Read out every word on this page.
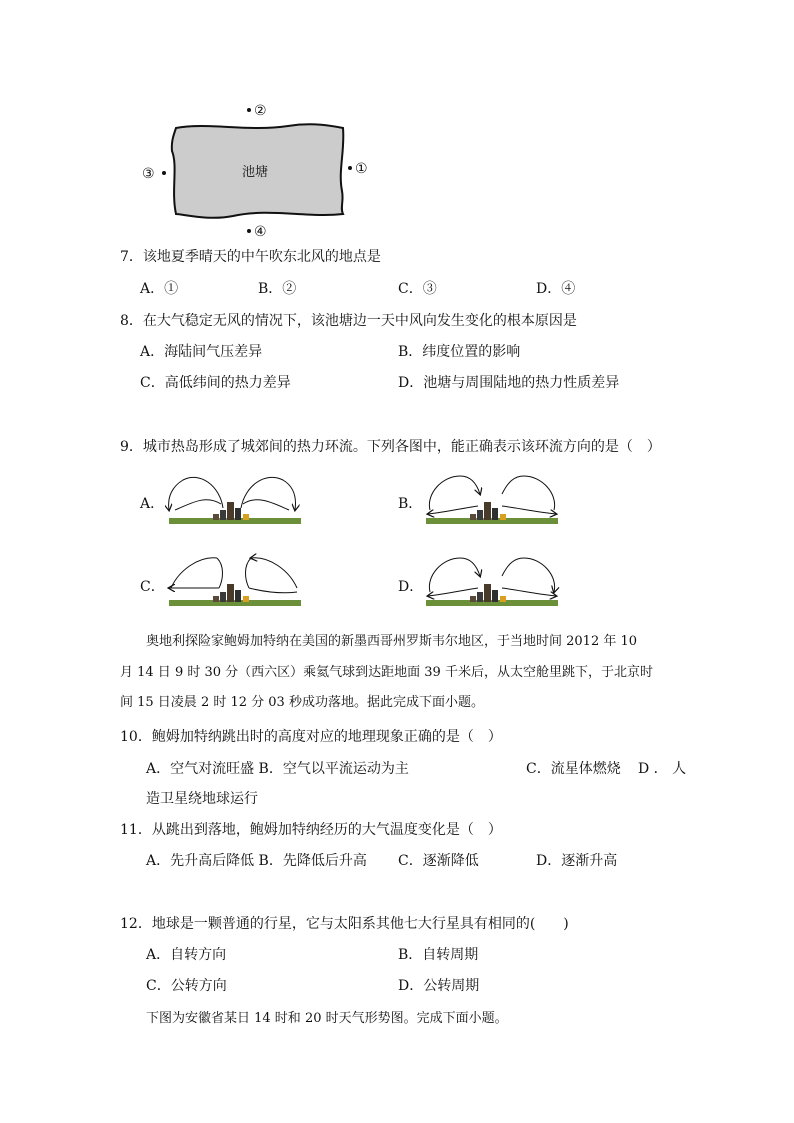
池塘
②
①
③
④
7．该地夏季晴天的中午吹东北风的地点是
A．①	B．②	C．③	D．④
8．在大气稳定无风的情况下，该池塘边一天中风向发生变化的根本原因是
A．海陆间气压差异	B．纬度位置的影响
C．高低纬间的热力差异	D．池塘与周围陆地的热力性质差异
9．城市热岛形成了城郊间的热力环流。下列各图中，能正确表示该环流方向的是（　）
A．	B．
C．	D．
奥地利探险家鲍姆加特纳在美国的新墨西哥州罗斯韦尔地区，于当地时间 2012 年 10
月 14 日 9 时 30 分（西六区）乘氦气球到达距地面 39 千米后，从太空舱里跳下，于北京时
间 15 日凌晨 2 时 12 分 03 秒成功落地。据此完成下面小题。
10．鲍姆加特纳跳出时的高度对应的地理现象正确的是（　）
A．空气对流旺盛 B．空气以平流运动为主	C．流星体燃烧 D ． 人
造卫星绕地球运行
11．从跳出到落地，鲍姆加特纳经历的大气温度变化是（　）
A．先升高后降低 B．先降低后升高 C．逐渐降低	D．逐渐升高
12．地球是一颗普通的行星，它与太阳系其他七大行星具有相同的(　　)
A．自转方向	B．自转周期
C．公转方向	D．公转周期
下图为安徽省某日 14 时和 20 时天气形势图。完成下面小题。
